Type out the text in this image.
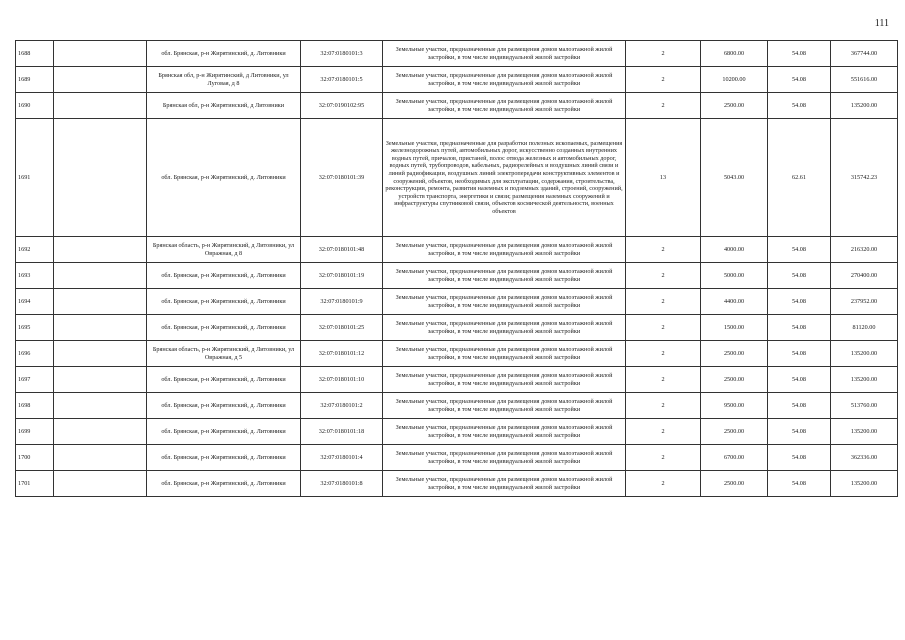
111
1688		обл. Брянская, р-н Жирятинский, д. Литовники	32:07:0180101:3	Земельные участки, предназначенные для размещения домов малоэтажной жилой застройки, в том числе индивидуальной жилой застройки	2	6800.00	54.08	367744.00
1689		Брянская обл, р-н Жирятинский, д Литовники, ул Луговая, д 8	32:07:0180101:5	Земельные участки, предназначенные для размещения домов малоэтажной жилой застройки, в том числе индивидуальной жилой застройки	2	10200.00	54.08	551616.00
1690		Брянская обл, р-н Жирятинский, д Литовники	32:07:0190102:95	Земельные участки, предназначенные для размещения домов малоэтажной жилой застройки, в том числе индивидуальной жилой застройки	2	2500.00	54.08	135200.00
1691		обл. Брянская, р-н Жирятинский, д. Литовники	32:07:0180101:39	Земельные участки, предназначенные для разработки полезных ископаемых, размещения железнодорожных путей, автомобильных дорог, искусственно созданных внутренних водных путей, причалов, пристаней, полос отвода железных и автомобильных дорог, водных путей, трубопроводов, кабельных, радиорелейных и воздушных линий связи и линий радиофикации, воздушных линий электропередачи конструктивных элементов и сооружений, объектов, необходимых для эксплуатации, содержания, строительства, реконструкции, ремонта, развития наземных и подземных зданий, строений, сооружений, устройств транспорта, энергетики и связи; размещения наземных сооружений и инфраструктуры спутниковой связи, объектов космической деятельности, военных объектов	13	5043.00	62.61	315742.23
1692		Брянская область, р-н Жирятинский, д Литовники, ул Овражная, д 8	32:07:0180101:48	Земельные участки, предназначенные для размещения домов малоэтажной жилой застройки, в том числе индивидуальной жилой застройки	2	4000.00	54.08	216320.00
1693		обл. Брянская, р-н Жирятинский, д. Литовники	32:07:0180101:19	Земельные участки, предназначенные для размещения домов малоэтажной жилой застройки, в том числе индивидуальной жилой застройки	2	5000.00	54.08	270400.00
1694		обл. Брянская, р-н Жирятинский, д. Литовники	32:07:0180101:9	Земельные участки, предназначенные для размещения домов малоэтажной жилой застройки, в том числе индивидуальной жилой застройки	2	4400.00	54.08	237952.00
1695		обл. Брянская, р-н Жирятинский, д. Литовники	32:07:0180101:25	Земельные участки, предназначенные для размещения домов малоэтажной жилой застройки, в том числе индивидуальной жилой застройки	2	1500.00	54.08	81120.00
1696		Брянская область, р-н Жирятинский, д Литовники, ул Овражная, д 5	32:07:0180101:12	Земельные участки, предназначенные для размещения домов малоэтажной жилой застройки, в том числе индивидуальной жилой застройки	2	2500.00	54.08	135200.00
1697		обл. Брянская, р-н Жирятинский, д. Литовники	32:07:0180101:10	Земельные участки, предназначенные для размещения домов малоэтажной жилой застройки, в том числе индивидуальной жилой застройки	2	2500.00	54.08	135200.00
1698		обл. Брянская, р-н Жирятинский, д. Литовники	32:07:0180101:2	Земельные участки, предназначенные для размещения домов малоэтажной жилой застройки, в том числе индивидуальной жилой застройки	2	9500.00	54.08	513760.00
1699		обл. Брянская, р-н Жирятинский, д. Литовники	32:07:0180101:18	Земельные участки, предназначенные для размещения домов малоэтажной жилой застройки, в том числе индивидуальной жилой застройки	2	2500.00	54.08	135200.00
1700		обл. Брянская, р-н Жирятинский, д. Литовники	32:07:0180101:4	Земельные участки, предназначенные для размещения домов малоэтажной жилой застройки, в том числе индивидуальной жилой застройки	2	6700.00	54.08	362336.00
1701		обл. Брянская, р-н Жирятинский, д. Литовники	32:07:0180101:8	Земельные участки, предназначенные для размещения домов малоэтажной жилой застройки, в том числе индивидуальной жилой застройки	2	2500.00	54.08	135200.00
